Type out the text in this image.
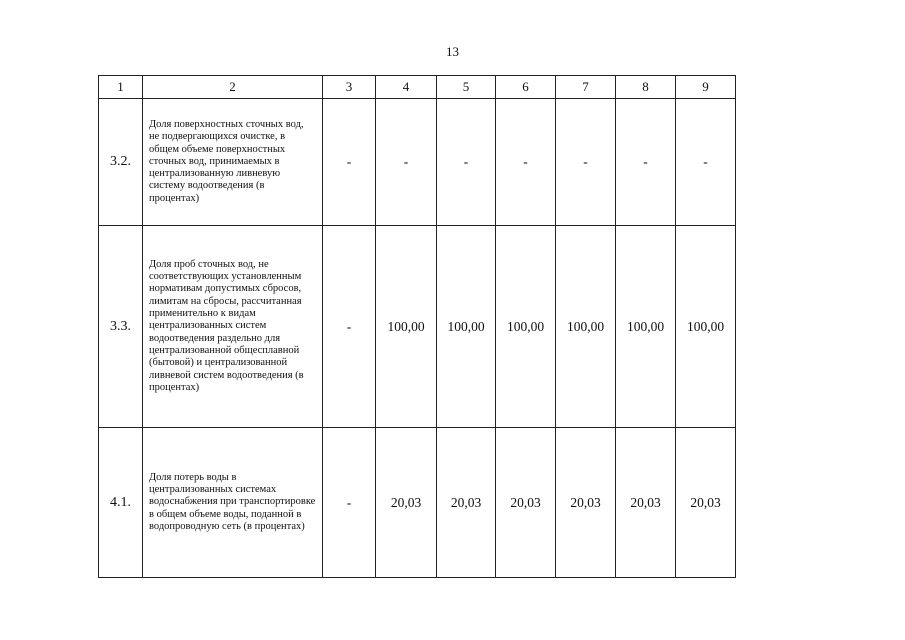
13
1	2	3	4	5	6	7	8	9
3.2.	Доля поверхностных сточных вод, не подвергающихся очистке, в общем объеме поверхностных сточных вод, принимаемых в централизованную ливневую систему водоотведения (в процентах)	-	-	-	-	-	-	-
3.3.	Доля проб сточных вод, не соответствующих установленным нормативам допустимых сбросов, лимитам на сбросы, рассчитанная применительно к видам централизованных систем водоотведения раздельно для централизованной общесплавной (бытовой) и централизованной ливневой систем водоотведения (в процентах)	-	100,00	100,00	100,00	100,00	100,00	100,00
4.1.	Доля потерь воды в централизованных системах водоснабжения при транспортировке в общем объеме воды, поданной в водопроводную сеть (в процентах)	-	20,03	20,03	20,03	20,03	20,03	20,03
